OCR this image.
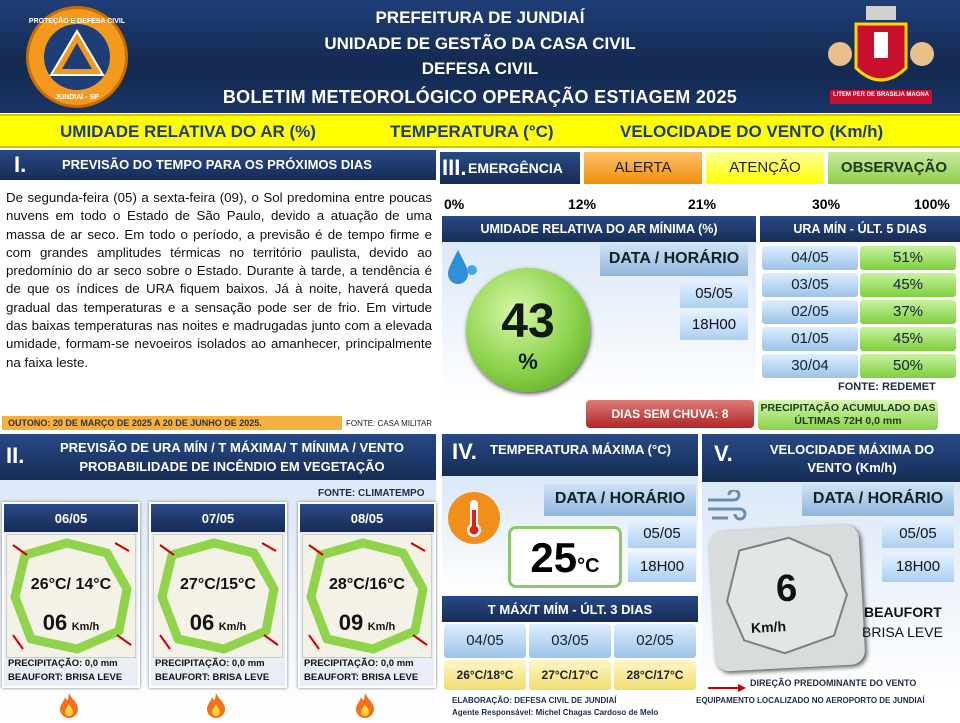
PREFEITURA DE JUNDIAÍ
UNIDADE DE GESTÃO DA CASA CIVIL
DEFESA CIVIL
BOLETIM METEOROLÓGICO OPERAÇÃO ESTIAGEM 2025
PROTEÇÃO E DEFESA CIVIL
JUNDIAÍ - SP	LITEM PER DE BRASILIA MAGNA
UMIDADE RELATIVA DO AR (%)	TEMPERATURA (°C)	VELOCIDADE DO VENTO (Km/h)
I.	PREVISÃO DO TEMPO PARA OS PRÓXIMOS DIAS
De segunda-feira (05) a sexta-feira (09), o Sol predomina entre poucas nuvens em todo o Estado de São Paulo, devido a atuação de uma massa de ar seco. Em todo o período, a previsão é de tempo firme e com grandes amplitudes térmicas no território paulista, devido ao predomínio do ar seco sobre o Estado. Durante à tarde, a tendência é de que os índices de URA fiquem baixos. Já à noite, haverá queda gradual das temperaturas e a sensação pode ser de frio. Em virtude das baixas temperaturas nas noites e madrugadas junto com a elevada umidade, formam-se nevoeiros isolados ao amanhecer, principalmente na faixa leste.
OUTONO: 20 DE MARÇO DE 2025 A 20 DE JUNHO DE 2025.	FONTE: CASA MILITAR
II.	PREVISÃO DE URA MÍN / T MÁXIMA/ T MÍNIMA / VENTO
PROBABILIDADE DE INCÊNDIO EM VEGETAÇÃO
FONTE: CLIMATEMPO
06/05
26°C/ 14°C
06 Km/h
PRECIPITAÇÃO: 0,0 mm
BEAUFORT: BRISA LEVE
07/05
27°C/15°C
06 Km/h
PRECIPITAÇÃO: 0,0 mm
BEAUFORT: BRISA LEVE
08/05
28°C/16°C
09 Km/h
PRECIPITAÇÃO: 0,0 mm
BEAUFORT: BRISA LEVE
III. EMERGÊNCIA	ALERTA	ATENÇÃO	OBSERVAÇÃO
0%	12%	21%	30%	100%
UMIDADE RELATIVA DO AR MÍNIMA (%)
DATA / HORÁRIO
05/05
18H00
43
%
URA MÍN - ÚLT. 5 DIAS
04/05	51%
03/05	45%
02/05	37%
01/05	45%
30/04	50%
FONTE: REDEMET
DIAS SEM CHUVA: 8	PRECIPITAÇÃO ACUMULADO DAS ÚLTIMAS 72H 0,0 mm
IV. TEMPERATURA MÁXIMA (°C)
DATA / HORÁRIO
05/05
18H00
25°C
T MÁX/T MÍM - ÚLT. 3 DIAS
04/05
26°C/18°C
03/05
27°C/17°C
02/05
28°C/17°C
V.	VELOCIDADE MÁXIMA DO VENTO (Km/h)
DATA / HORÁRIO
05/05
18H00
6
Km/h
BEAUFORT
BRISA LEVE
DIREÇÃO PREDOMINANTE DO VENTO
ELABORAÇÃO: DEFESA CIVIL DE JUNDIAÍ
Agente Responsável: Michel Chagas Cardoso de Melo
EQUIPAMENTO LOCALIZADO NO AEROPORTO DE JUNDIAÍ
